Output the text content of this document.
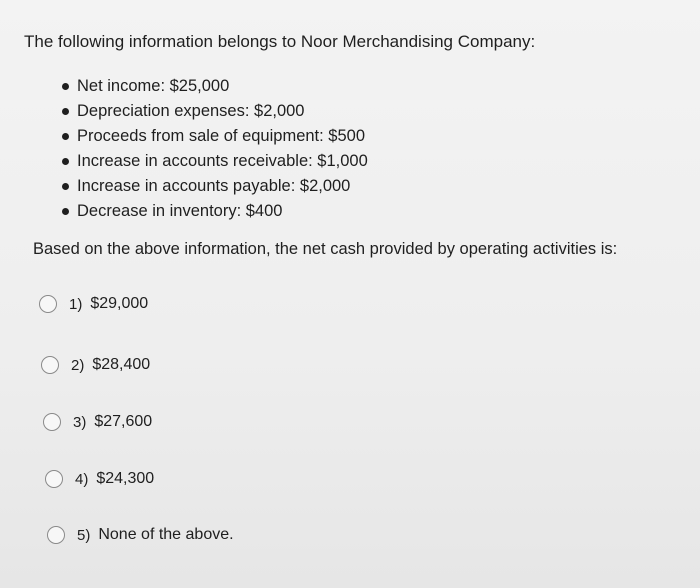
The following information belongs to Noor Merchandising Company:

Net income: $25,000
Depreciation expenses: $2,000
Proceeds from sale of equipment: $500
Increase in accounts receivable: $1,000
Increase in accounts payable: $2,000
Decrease in inventory: $400

Based on the above information, the net cash provided by operating activities is:

1) $29,000
2) $28,400
3) $27,600
4) $24,300
5) None of the above.
